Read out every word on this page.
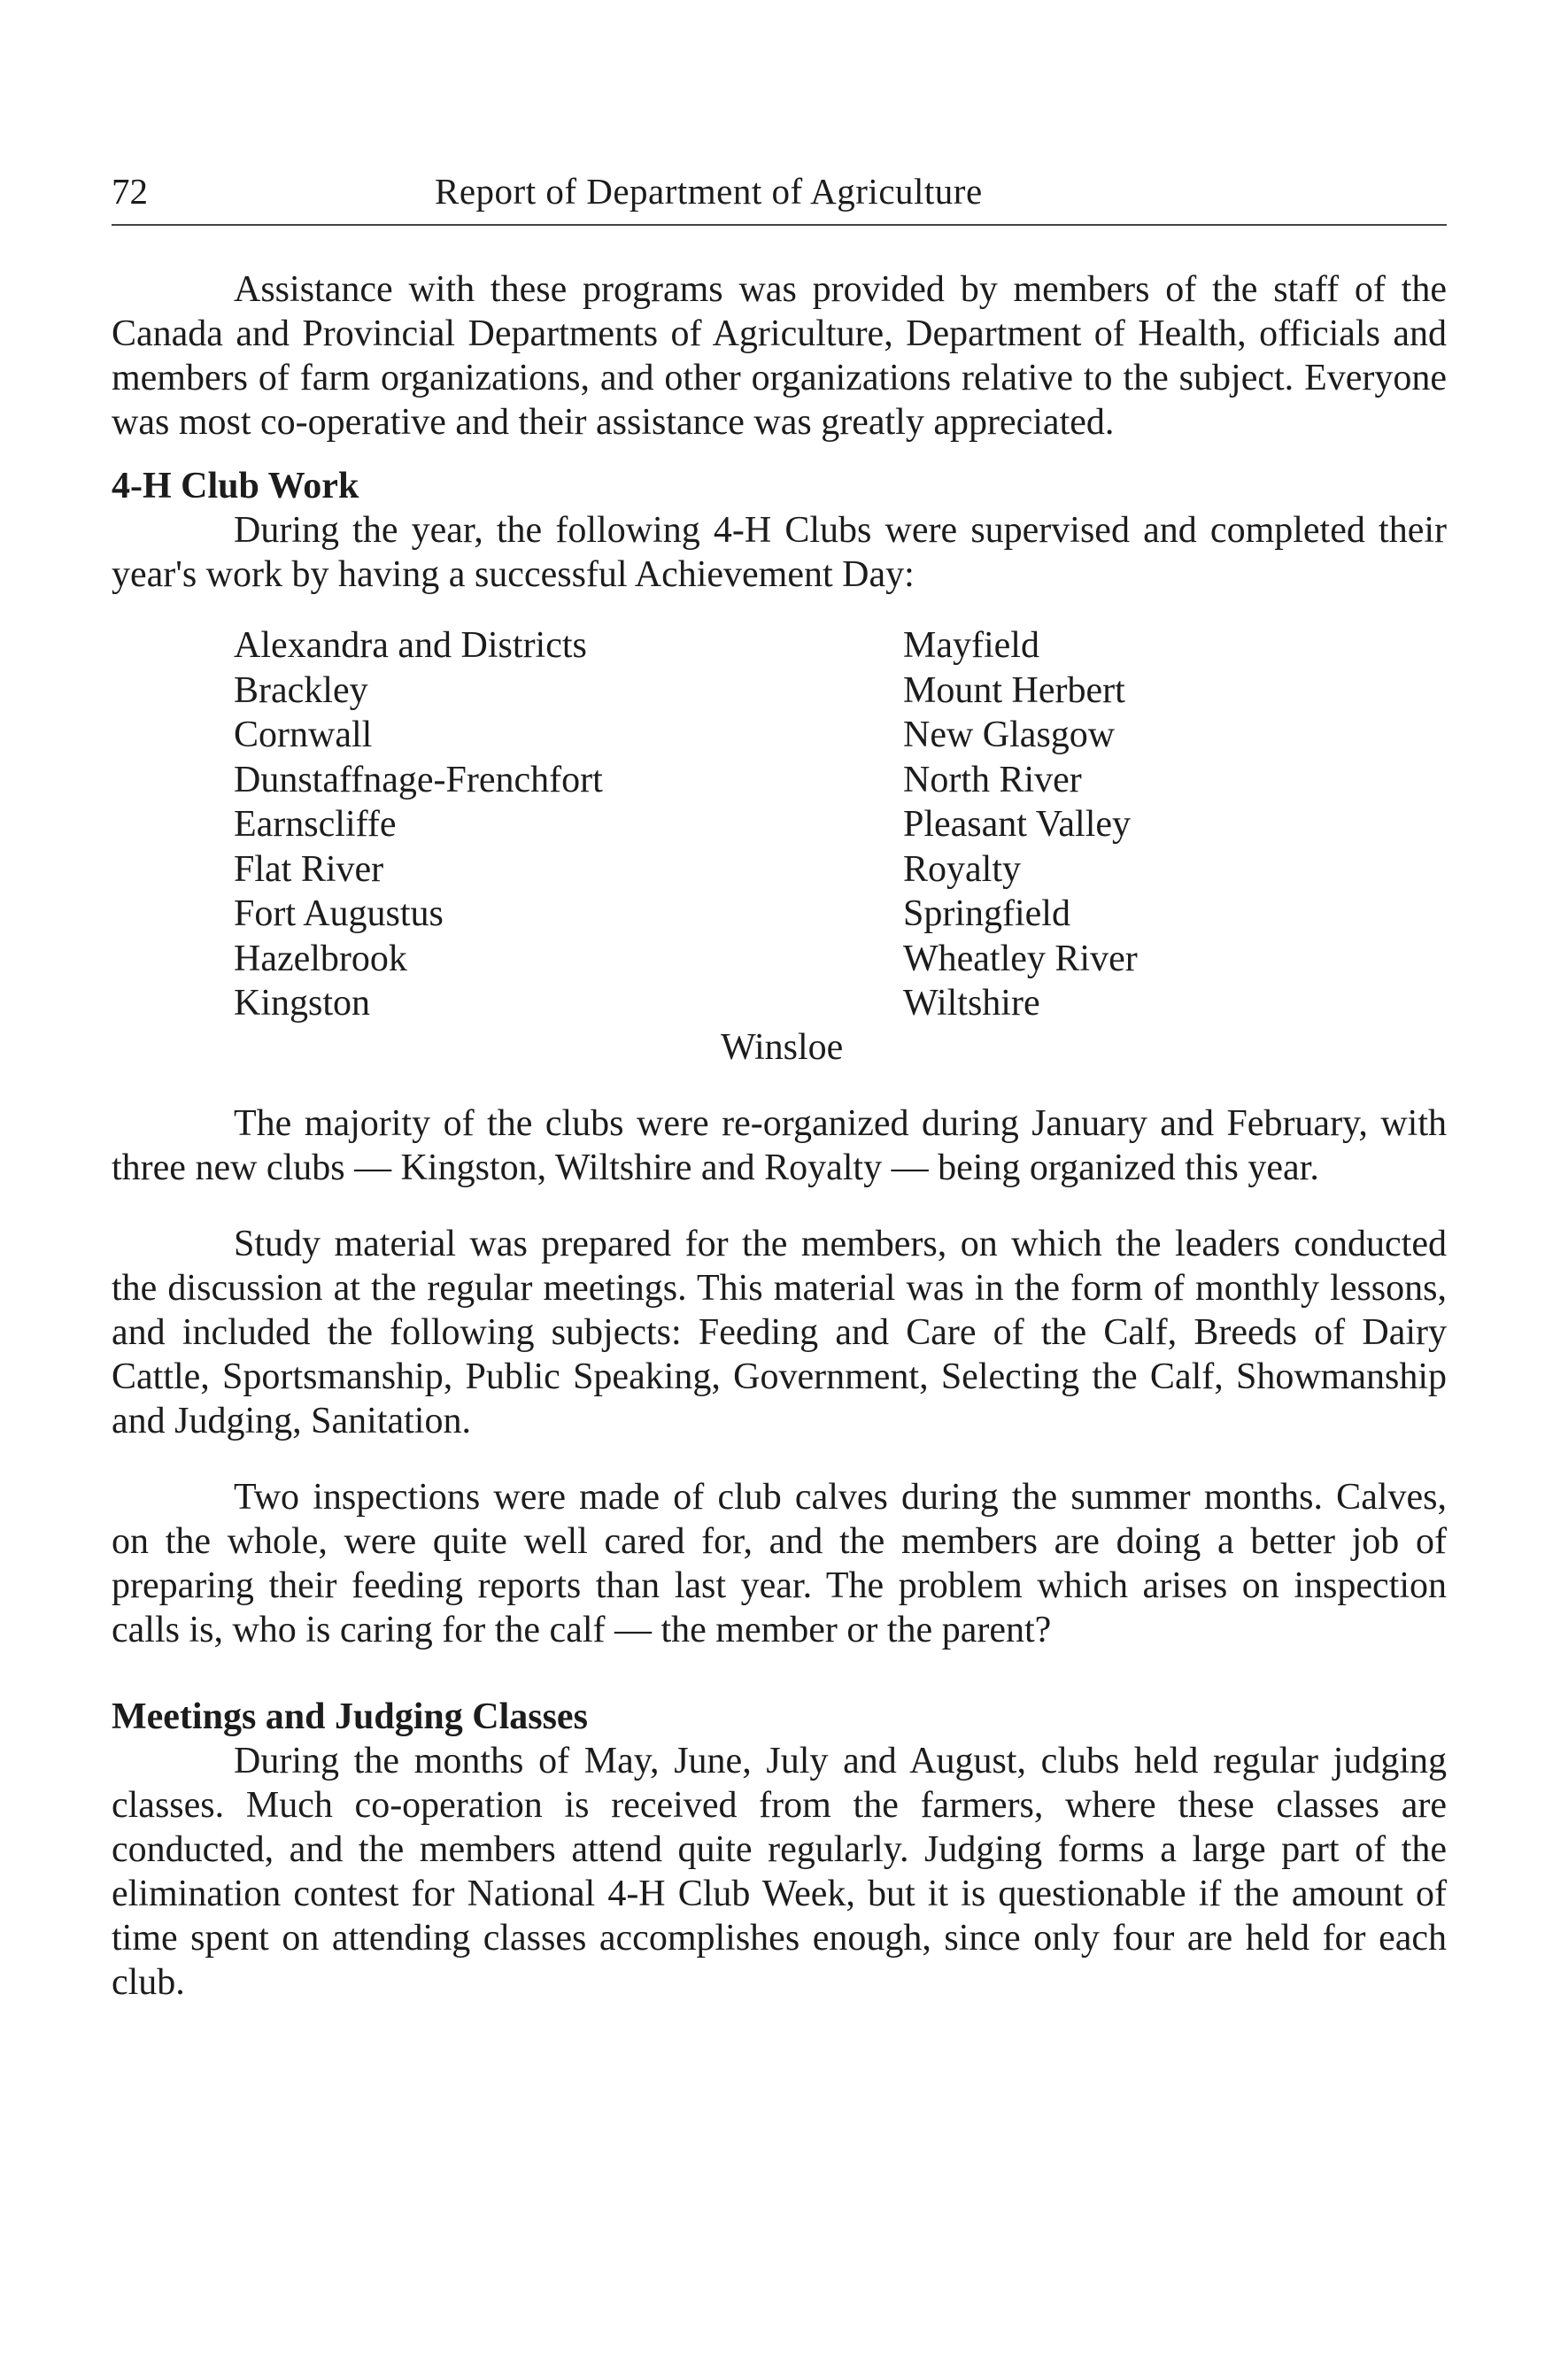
72	Report of Department of Agriculture

Assistance with these programs was provided by members of the staff of the Canada and Provincial Departments of Agriculture, Department of Health, officials and members of farm organizations, and other organizations relative to the subject. Everyone was most co-operative and their assistance was greatly appreciated.

4-H Club Work

During the year, the following 4-H Clubs were supervised and completed their year's work by having a successful Achievement Day:

Alexandra and Districts
Brackley
Cornwall
Dunstaffnage-Frenchfort
Earnscliffe
Flat River
Fort Augustus
Hazelbrook
Kingston
Mayfield
Mount Herbert
New Glasgow
North River
Pleasant Valley
Royalty
Springfield
Wheatley River
Wiltshire
Winsloe

The majority of the clubs were re-organized during January and February, with three new clubs — Kingston, Wiltshire and Royalty — being organized this year.

Study material was prepared for the members, on which the leaders conducted the discussion at the regular meetings. This material was in the form of monthly lessons, and included the following subjects: Feeding and Care of the Calf, Breeds of Dairy Cattle, Sportsmanship, Public Speaking, Government, Selecting the Calf, Showmanship and Judging, Sanitation.

Two inspections were made of club calves during the summer months. Calves, on the whole, were quite well cared for, and the members are doing a better job of preparing their feeding reports than last year. The problem which arises on inspection calls is, who is caring for the calf — the member or the parent?

Meetings and Judging Classes

During the months of May, June, July and August, clubs held regular judging classes. Much co-operation is received from the farmers, where these classes are conducted, and the members attend quite regularly. Judging forms a large part of the elimination contest for National 4-H Club Week, but it is questionable if the amount of time spent on attending classes accomplishes enough, since only four are held for each club.
